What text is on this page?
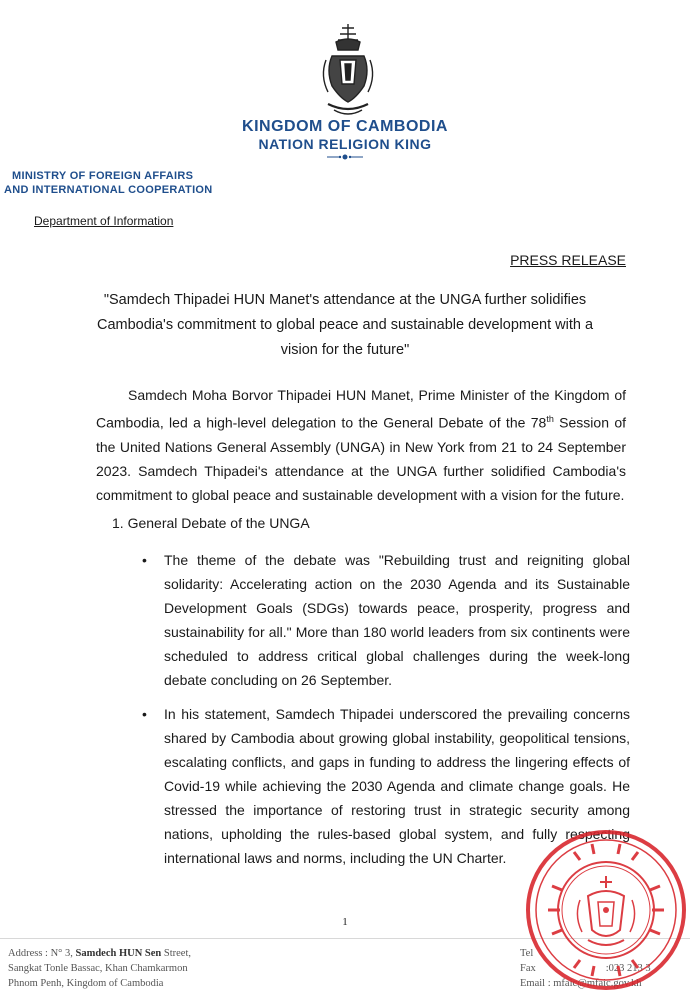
KINGDOM OF CAMBODIA
NATION RELIGION KING
MINISTRY OF FOREIGN AFFAIRS
AND INTERNATIONAL COOPERATION
Department of Information
PRESS RELEASE
"Samdech Thipadei HUN Manet's attendance at the UNGA further solidifies Cambodia's commitment to global peace and sustainable development with a vision for the future"
Samdech Moha Borvor Thipadei HUN Manet, Prime Minister of the Kingdom of Cambodia, led a high-level delegation to the General Debate of the 78th Session of the United Nations General Assembly (UNGA) in New York from 21 to 24 September 2023. Samdech Thipadei's attendance at the UNGA further solidified Cambodia's commitment to global peace and sustainable development with a vision for the future.
1. General Debate of the UNGA
• The theme of the debate was "Rebuilding trust and reigniting global solidarity: Accelerating action on the 2030 Agenda and its Sustainable Development Goals (SDGs) towards peace, prosperity, progress and sustainability for all." More than 180 world leaders from six continents were scheduled to address critical global challenges during the week-long debate concluding on 26 September.
• In his statement, Samdech Thipadei underscored the prevailing concerns shared by Cambodia about growing global instability, geopolitical tensions, escalating conflicts, and gaps in funding to address the lingering effects of Covid-19 while achieving the 2030 Agenda and climate change goals. He stressed the importance of restoring trust in strategic security among nations, upholding the rules-based global system, and fully respecting international laws and norms, including the UN Charter.
1
Address : N° 3, Samdech HUN Sen Street,
Sangkat Tonle Bassac, Khan Chamkarmon
Phnom Penh, Kingdom of Cambodia
Tel
Fax	:023 213 3
Email : mfaic@mfaic.gov.kh
